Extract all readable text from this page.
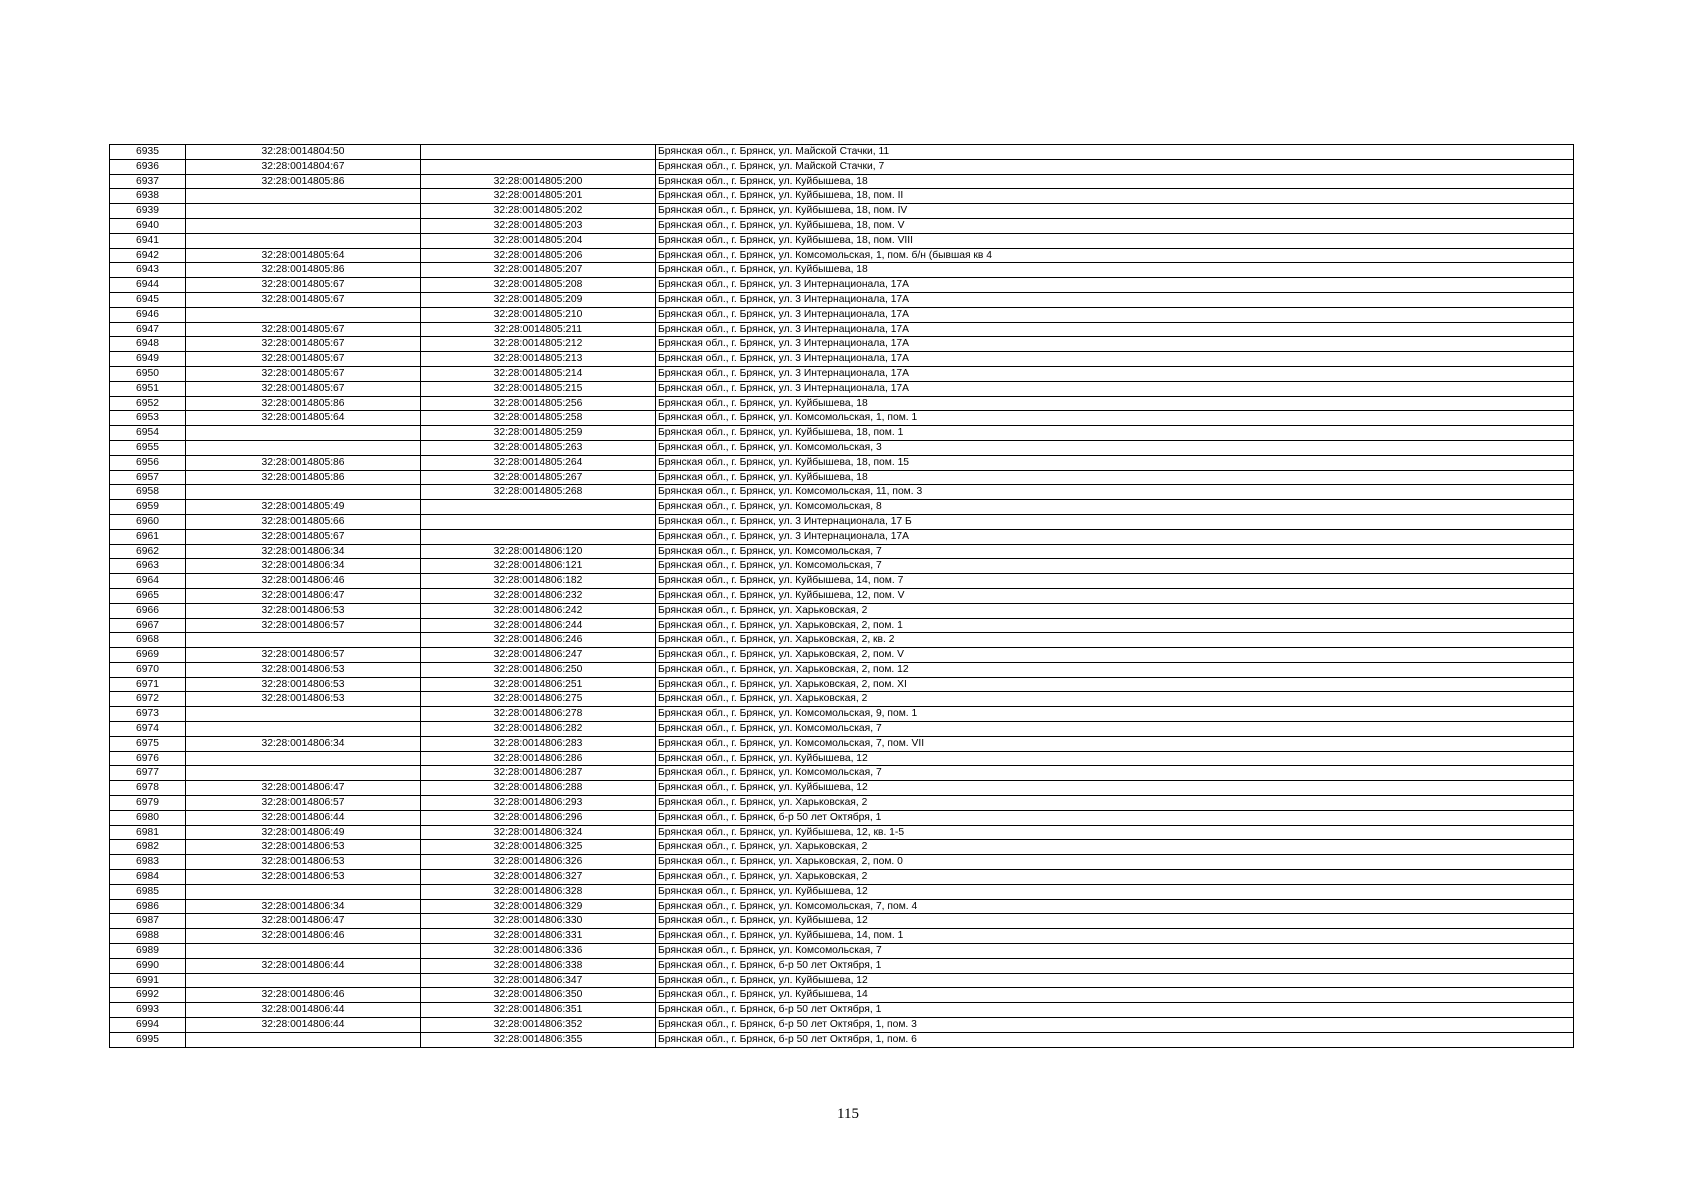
6935	32:28:0014804:50		Брянская обл., г. Брянск, ул. Майской Стачки, 11
6936	32:28:0014804:67		Брянская обл., г. Брянск, ул. Майской Стачки, 7
6937	32:28:0014805:86	32:28:0014805:200	Брянская обл., г. Брянск, ул. Куйбышева, 18
6938		32:28:0014805:201	Брянская обл., г. Брянск, ул. Куйбышева, 18, пом. II
6939		32:28:0014805:202	Брянская обл., г. Брянск, ул. Куйбышева, 18, пом. IV
6940		32:28:0014805:203	Брянская обл., г. Брянск, ул. Куйбышева, 18, пом. V
6941		32:28:0014805:204	Брянская обл., г. Брянск, ул. Куйбышева, 18, пом. VIII
6942	32:28:0014805:64	32:28:0014805:206	Брянская обл., г. Брянск, ул. Комсомольская, 1, пом. б/н (бывшая кв 4
6943	32:28:0014805:86	32:28:0014805:207	Брянская обл., г. Брянск, ул. Куйбышева, 18
6944	32:28:0014805:67	32:28:0014805:208	Брянская обл., г. Брянск, ул. 3 Интернационала, 17А
6945	32:28:0014805:67	32:28:0014805:209	Брянская обл., г. Брянск, ул. 3 Интернационала, 17А
6946		32:28:0014805:210	Брянская обл., г. Брянск, ул. 3 Интернационала, 17А
6947	32:28:0014805:67	32:28:0014805:211	Брянская обл., г. Брянск, ул. 3 Интернационала, 17А
6948	32:28:0014805:67	32:28:0014805:212	Брянская обл., г. Брянск, ул. 3 Интернационала, 17А
6949	32:28:0014805:67	32:28:0014805:213	Брянская обл., г. Брянск, ул. 3 Интернационала, 17А
6950	32:28:0014805:67	32:28:0014805:214	Брянская обл., г. Брянск, ул. 3 Интернационала, 17А
6951	32:28:0014805:67	32:28:0014805:215	Брянская обл., г. Брянск, ул. 3 Интернационала, 17А
6952	32:28:0014805:86	32:28:0014805:256	Брянская обл., г. Брянск, ул. Куйбышева, 18
6953	32:28:0014805:64	32:28:0014805:258	Брянская обл., г. Брянск, ул. Комсомольская, 1, пом. 1
6954		32:28:0014805:259	Брянская обл., г. Брянск, ул. Куйбышева, 18, пом. 1
6955		32:28:0014805:263	Брянская обл., г. Брянск, ул. Комсомольская, 3
6956	32:28:0014805:86	32:28:0014805:264	Брянская обл., г. Брянск, ул. Куйбышева, 18, пом. 15
6957	32:28:0014805:86	32:28:0014805:267	Брянская обл., г. Брянск, ул. Куйбышева, 18
6958		32:28:0014805:268	Брянская обл., г. Брянск, ул. Комсомольская, 11, пом. 3
6959	32:28:0014805:49		Брянская обл., г. Брянск, ул. Комсомольская, 8
6960	32:28:0014805:66		Брянская обл., г. Брянск, ул. 3 Интернационала, 17 Б
6961	32:28:0014805:67		Брянская обл., г. Брянск, ул. 3 Интернационала, 17А
6962	32:28:0014806:34	32:28:0014806:120	Брянская обл., г. Брянск, ул. Комсомольская, 7
6963	32:28:0014806:34	32:28:0014806:121	Брянская обл., г. Брянск, ул. Комсомольская, 7
6964	32:28:0014806:46	32:28:0014806:182	Брянская обл., г. Брянск, ул. Куйбышева, 14, пом. 7
6965	32:28:0014806:47	32:28:0014806:232	Брянская обл., г. Брянск, ул. Куйбышева, 12, пом. V
6966	32:28:0014806:53	32:28:0014806:242	Брянская обл., г. Брянск, ул. Харьковская, 2
6967	32:28:0014806:57	32:28:0014806:244	Брянская обл., г. Брянск, ул. Харьковская, 2, пом. 1
6968		32:28:0014806:246	Брянская обл., г. Брянск, ул. Харьковская, 2, кв. 2
6969	32:28:0014806:57	32:28:0014806:247	Брянская обл., г. Брянск, ул. Харьковская, 2, пом. V
6970	32:28:0014806:53	32:28:0014806:250	Брянская обл., г. Брянск, ул. Харьковская, 2, пом. 12
6971	32:28:0014806:53	32:28:0014806:251	Брянская обл., г. Брянск, ул. Харьковская, 2, пом. XI
6972	32:28:0014806:53	32:28:0014806:275	Брянская обл., г. Брянск, ул. Харьковская, 2
6973		32:28:0014806:278	Брянская обл., г. Брянск, ул. Комсомольская, 9, пом. 1
6974		32:28:0014806:282	Брянская обл., г. Брянск, ул. Комсомольская, 7
6975	32:28:0014806:34	32:28:0014806:283	Брянская обл., г. Брянск, ул. Комсомольская, 7, пом. VII
6976		32:28:0014806:286	Брянская обл., г. Брянск, ул. Куйбышева, 12
6977		32:28:0014806:287	Брянская обл., г. Брянск, ул. Комсомольская, 7
6978	32:28:0014806:47	32:28:0014806:288	Брянская обл., г. Брянск, ул. Куйбышева, 12
6979	32:28:0014806:57	32:28:0014806:293	Брянская обл., г. Брянск, ул. Харьковская, 2
6980	32:28:0014806:44	32:28:0014806:296	Брянская обл., г. Брянск, б-р 50 лет Октября, 1
6981	32:28:0014806:49	32:28:0014806:324	Брянская обл., г. Брянск, ул. Куйбышева, 12, кв. 1-5
6982	32:28:0014806:53	32:28:0014806:325	Брянская обл., г. Брянск, ул. Харьковская, 2
6983	32:28:0014806:53	32:28:0014806:326	Брянская обл., г. Брянск, ул. Харьковская, 2, пом. 0
6984	32:28:0014806:53	32:28:0014806:327	Брянская обл., г. Брянск, ул. Харьковская, 2
6985		32:28:0014806:328	Брянская обл., г. Брянск, ул. Куйбышева, 12
6986	32:28:0014806:34	32:28:0014806:329	Брянская обл., г. Брянск, ул. Комсомольская, 7, пом. 4
6987	32:28:0014806:47	32:28:0014806:330	Брянская обл., г. Брянск, ул. Куйбышева, 12
6988	32:28:0014806:46	32:28:0014806:331	Брянская обл., г. Брянск, ул. Куйбышева, 14, пом. 1
6989		32:28:0014806:336	Брянская обл., г. Брянск, ул. Комсомольская, 7
6990	32:28:0014806:44	32:28:0014806:338	Брянская обл., г. Брянск, б-р 50 лет Октября, 1
6991		32:28:0014806:347	Брянская обл., г. Брянск, ул. Куйбышева, 12
6992	32:28:0014806:46	32:28:0014806:350	Брянская обл., г. Брянск, ул. Куйбышева, 14
6993	32:28:0014806:44	32:28:0014806:351	Брянская обл., г. Брянск, б-р 50 лет Октября, 1
6994	32:28:0014806:44	32:28:0014806:352	Брянская обл., г. Брянск, б-р 50 лет Октября, 1, пом. 3
6995		32:28:0014806:355	Брянская обл., г. Брянск, б-р 50 лет Октября, 1, пом. 6
115
